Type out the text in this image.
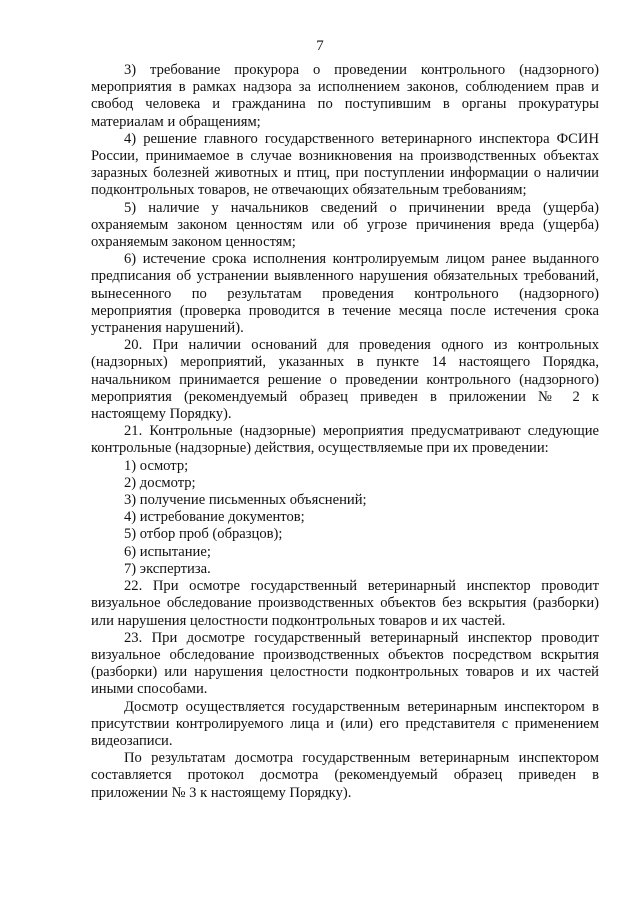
7

3) требование прокурора о проведении контрольного (надзорного) мероприятия в рамках надзора за исполнением законов, соблюдением прав и свобод человека и гражданина по поступившим в органы прокуратуры материалам и обращениям;

4) решение главного государственного ветеринарного инспектора ФСИН России, принимаемое в случае возникновения на производственных объектах заразных болезней животных и птиц, при поступлении информации о наличии подконтрольных товаров, не отвечающих обязательным требованиям;

5) наличие у начальников сведений о причинении вреда (ущерба) охраняемым законом ценностям или об угрозе причинения вреда (ущерба) охраняемым законом ценностям;

6) истечение срока исполнения контролируемым лицом ранее выданного предписания об устранении выявленного нарушения обязательных требований, вынесенного по результатам проведения контрольного (надзорного) мероприятия (проверка проводится в течение месяца после истечения срока устранения нарушений).

20. При наличии оснований для проведения одного из контрольных (надзорных) мероприятий, указанных в пункте 14 настоящего Порядка, начальником принимается решение о проведении контрольного (надзорного) мероприятия (рекомендуемый образец приведен в приложении № 2 к настоящему Порядку).

21. Контрольные (надзорные) мероприятия предусматривают следующие контрольные (надзорные) действия, осуществляемые при их проведении:

1) осмотр;

2) досмотр;

3) получение письменных объяснений;

4) истребование документов;

5) отбор проб (образцов);

6) испытание;

7) экспертиза.

22. При осмотре государственный ветеринарный инспектор проводит визуальное обследование производственных объектов без вскрытия (разборки) или нарушения целостности подконтрольных товаров и их частей.

23. При досмотре государственный ветеринарный инспектор проводит визуальное обследование производственных объектов посредством вскрытия (разборки) или нарушения целостности подконтрольных товаров и их частей иными способами.

Досмотр осуществляется государственным ветеринарным инспектором в присутствии контролируемого лица и (или) его представителя с применением видеозаписи.

По результатам досмотра государственным ветеринарным инспектором составляется протокол досмотра (рекомендуемый образец приведен в приложении № 3 к настоящему Порядку).
